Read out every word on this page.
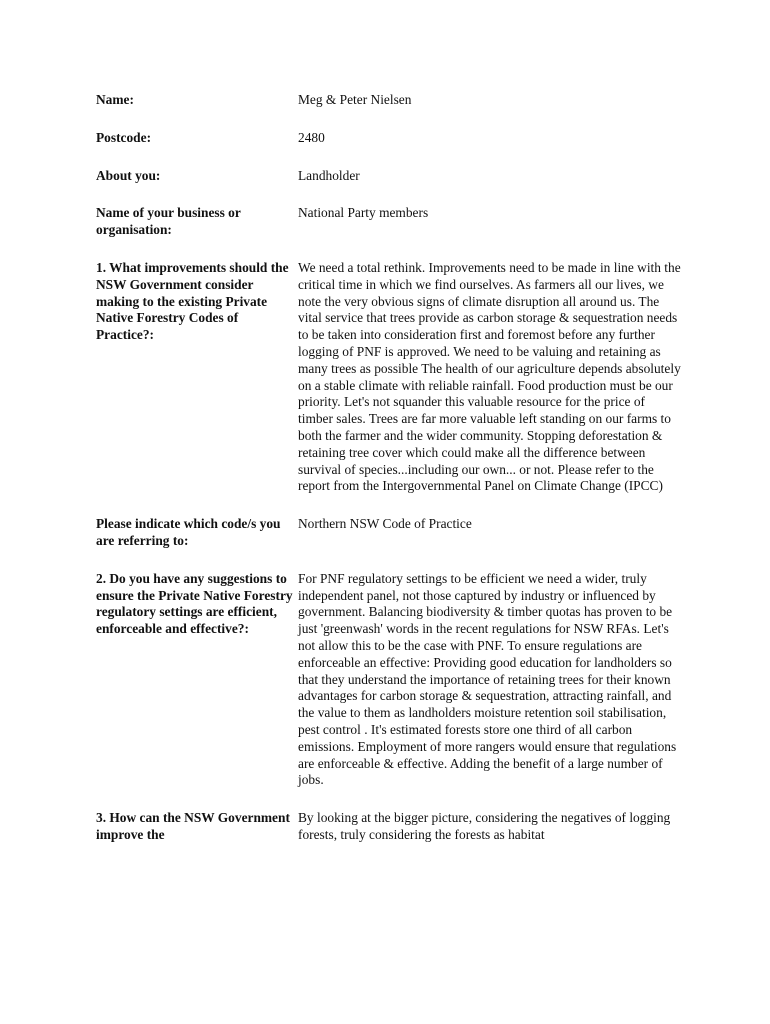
Name:	Meg & Peter Nielsen
Postcode:	2480
About you:	Landholder
Name of your business or organisation:
National Party members
1. What improvements should the NSW Government consider making to the existing Private Native Forestry Codes of Practice?:
We need a total rethink. Improvements need to be made in line with the critical time in which we find ourselves. As farmers all our lives, we note the very obvious signs of climate disruption all around us. The vital service that trees provide as carbon storage & sequestration needs to be taken into consideration first and foremost before any further logging of PNF is approved. We need to be valuing and retaining as many trees as possible The health of our agriculture depends absolutely on a stable climate with reliable rainfall. Food production must be our priority. Let's not squander this valuable resource for the price of timber sales. Trees are far more valuable left standing on our farms to both the farmer and the wider community. Stopping deforestation & retaining tree cover which could make all the difference between survival of species...including our own... or not. Please refer to the report from the Intergovernmental Panel on Climate Change (IPCC)
Please indicate which code/s you are referring to:
Northern NSW Code of Practice
2. Do you have any suggestions to ensure the Private Native Forestry regulatory settings are efficient, enforceable and effective?:
For PNF regulatory settings to be efficient we need a wider, truly independent panel, not those captured by industry or influenced by government. Balancing biodiversity & timber quotas has proven to be just 'greenwash' words in the recent regulations for NSW RFAs. Let's not allow this to be the case with PNF. To ensure regulations are enforceable an effective: Providing good education for landholders so that they understand the importance of retaining trees for their known advantages for carbon storage & sequestration, attracting rainfall, and the value to them as landholders moisture retention soil stabilisation, pest control . It's estimated forests store one third of all carbon emissions. Employment of more rangers would ensure that regulations are enforceable & effective. Adding the benefit of a large number of jobs.
3. How can the NSW Government improve the
By looking at the bigger picture, considering the negatives of logging forests, truly considering the forests as habitat
